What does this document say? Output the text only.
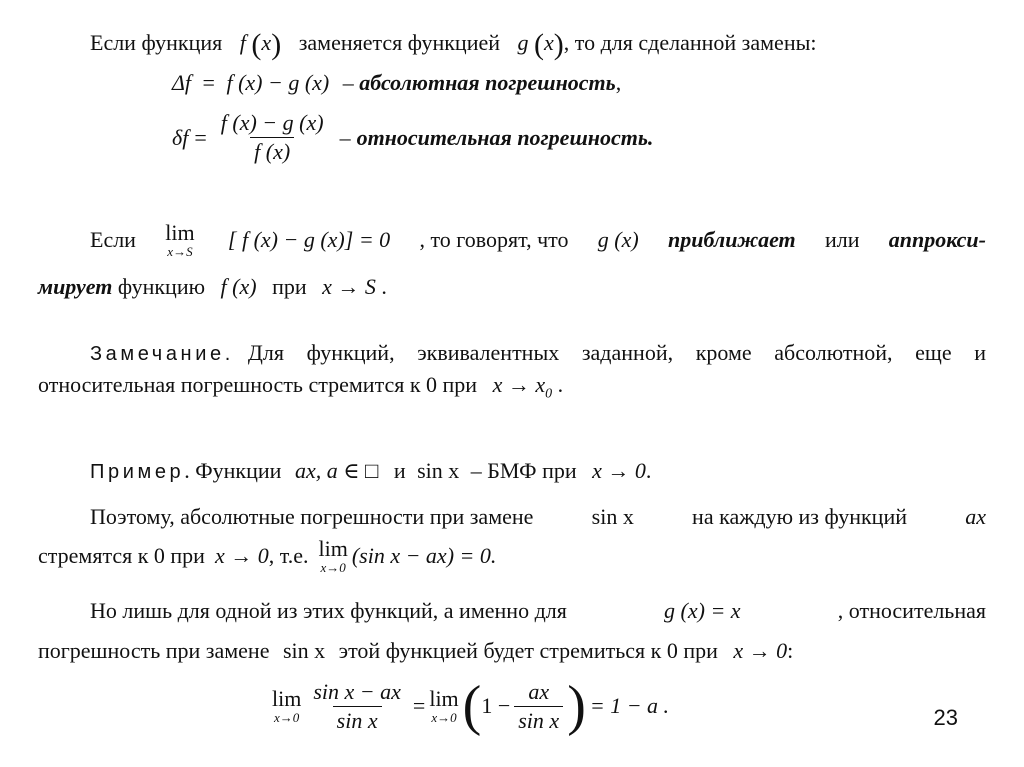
Если функция f (x) заменяется функцией g (x), то для сделанной замены:
Δf = f (x) − g (x) – абсолютная погрешность,
$\delta f = \frac{f (x) - g (x)}{f (x)}$ – относительная погрешность.
Если lim
x→S [ f (x) − g (x)] = 0 , то говорят, что g (x) приближает или аппрокси-
мирует функцию f (x) при x → S .
Замечание. Для функций, эквивалентных заданной, кроме абсолютной, еще и
относительная погрешность стремится к 0 при $x \to x_0$ .
Пример. Функции ax, a ∈ □ и sin x – БМФ при x → 0.
Поэтому, абсолютные погрешности при замене	sin x	на каждую из функций	ax
стремятся к 0 при x → 0 , т.е. lim
x→0 (sin x − ax) = 0.
Но лишь для одной из этих функций, а именно для	g (x) = x	, относительная
погрешность при замене sin x этой функцией будет стремиться к 0 при x → 0:
lim
$x\to 0 \frac{\text{sin x − ax}}{\text{sin x}} = \lim$
x→0 ( $1 - \frac{ax}{\text{sin x}}$ ) = 1 − a .	23
